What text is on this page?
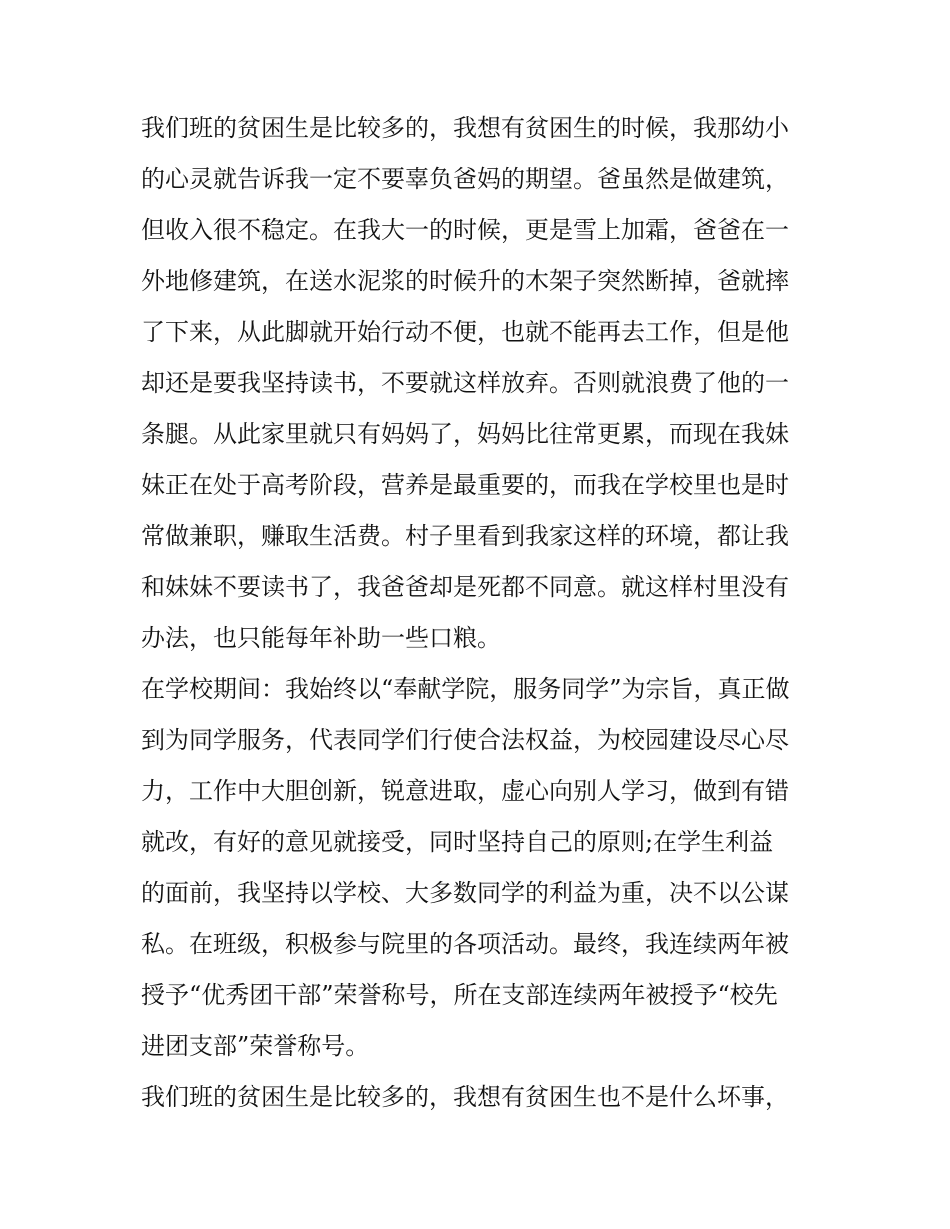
我们班的贫困生是比较多的，我想有贫困生的时候，我那幼小
的心灵就告诉我一定不要辜负爸妈的期望。爸虽然是做建筑，
但收入很不稳定。在我大一的时候，更是雪上加霜，爸爸在一
外地修建筑，在送水泥浆的时候升的木架子突然断掉，爸就摔
了下来，从此脚就开始行动不便，也就不能再去工作，但是他
却还是要我坚持读书，不要就这样放弃。否则就浪费了他的一
条腿。从此家里就只有妈妈了，妈妈比往常更累，而现在我妹
妹正在处于高考阶段，营养是最重要的，而我在学校里也是时
常做兼职，赚取生活费。村子里看到我家这样的环境，都让我
和妹妹不要读书了，我爸爸却是死都不同意。就这样村里没有
办法，也只能每年补助一些口粮。
在学校期间：我始终以“奉献学院，服务同学”为宗旨，真正做
到为同学服务，代表同学们行使合法权益，为校园建设尽心尽
力，工作中大胆创新，锐意进取，虚心向别人学习，做到有错
就改，有好的意见就接受，同时坚持自己的原则;在学生利益
的面前，我坚持以学校、大多数同学的利益为重，决不以公谋
私。在班级，积极参与院里的各项活动。最终，我连续两年被
授予“优秀团干部”荣誉称号，所在支部连续两年被授予“校先
进团支部”荣誉称号。
我们班的贫困生是比较多的，我想有贫困生也不是什么坏事，
